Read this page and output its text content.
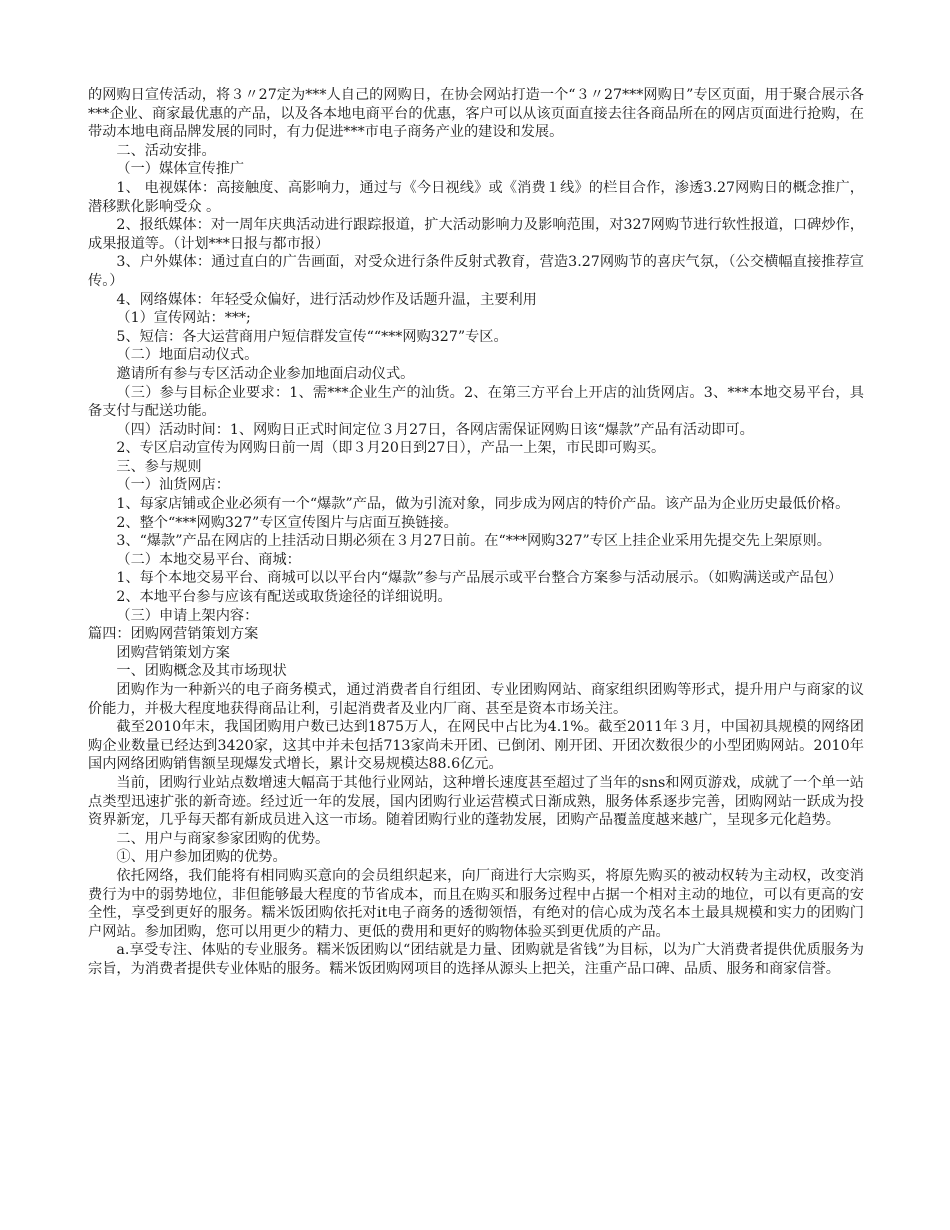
的网购日宣传活动，将３〃27定为***人自己的网购日，在协会网站打造一个“３〃27***网购日”专区页面，用于聚合展示各***企业、商家最优惠的产品，以及各本地电商平台的优惠，客户可以从该页面直接去往各商品所在的网店页面进行抢购，在带动本地电商品牌发展的同时，有力促进***市电子商务产业的建设和发展。

二、活动安排。

（一）媒体宣传推广

1、 电视媒体：高接触度、高影响力，通过与《今日视线》或《消费１线》的栏目合作，渗透3.27网购日的概念推广，潜移默化影响受众 。

2、报纸媒体：对一周年庆典活动进行跟踪报道，扩大活动影响力及影响范围，对327网购节进行软性报道，口碑炒作，成果报道等。（计划***日报与都市报）

3、户外媒体：通过直白的广告画面，对受众进行条件反射式教育，营造3.27网购节的喜庆气氛，（公交横幅直接推荐宣传。）

4、网络媒体：年轻受众偏好，进行活动炒作及话题升温，主要利用

（1）宣传网站：***;

5、短信：各大运营商用户短信群发宣传““***网购327”专区。

（二）地面启动仪式。

邀请所有参与专区活动企业参加地面启动仪式。

（三）参与目标企业要求：1、需***企业生产的汕货。2、在第三方平台上开店的汕货网店。3、***本地交易平台，具备支付与配送功能。

（四）活动时间：1、网购日正式时间定位３月27日，各网店需保证网购日该“爆款”产品有活动即可。

2、专区启动宣传为网购日前一周（即３月20日到27日），产品一上架，市民即可购买。

三、参与规则

（一）汕货网店：

1、每家店铺或企业必须有一个“爆款”产品，做为引流对象，同步成为网店的特价产品。该产品为企业历史最低价格。

2、整个“***网购327”专区宣传图片与店面互换链接。

3、“爆款”产品在网店的上挂活动日期必须在３月27日前。在“***网购327”专区上挂企业采用先提交先上架原则。

（二）本地交易平台、商城：

1、每个本地交易平台、商城可以以平台内“爆款”参与产品展示或平台整合方案参与活动展示。（如购满送或产品包）

2、本地平台参与应该有配送或取货途径的详细说明。

（三）申请上架内容：

篇四：团购网营销策划方案

团购营销策划方案

一、团购概念及其市场现状

团购作为一种新兴的电子商务模式，通过消费者自行组团、专业团购网站、商家组织团购等形式，提升用户与商家的议价能力，并极大程度地获得商品让利，引起消费者及业内厂商、甚至是资本市场关注。

截至2010年末，我国团购用户数已达到1875万人，在网民中占比为4.1%。截至2011年３月，中国初具规模的网络团购企业数量已经达到3420家，这其中并未包括713家尚未开团、已倒闭、刚开团、开团次数很少的小型团购网站。2010年国内网络团购销售额呈现爆发式增长，累计交易规模达88.6亿元。

当前，团购行业站点数增速大幅高于其他行业网站，这种增长速度甚至超过了当年的sns和网页游戏，成就了一个单一站点类型迅速扩张的新奇迹。经过近一年的发展，国内团购行业运营模式日渐成熟，服务体系逐步完善，团购网站一跃成为投资界新宠，几乎每天都有新成员进入这一市场。随着团购行业的蓬勃发展，团购产品覆盖度越来越广，呈现多元化趋势。

二、用户与商家参家团购的优势。

①、用户参加团购的优势。

依托网络，我们能将有相同购买意向的会员组织起来，向厂商进行大宗购买，将原先购买的被动权转为主动权，改变消费行为中的弱势地位，非但能够最大程度的节省成本，而且在购买和服务过程中占据一个相对主动的地位，可以有更高的安全性，享受到更好的服务。糯米饭团购依托对it电子商务的透彻领悟，有绝对的信心成为茂名本土最具规模和实力的团购门户网站。参加团购，您可以用更少的精力、更低的费用和更好的购物体验买到更优质的产品。

a.享受专注、体贴的专业服务。糯米饭团购以“团结就是力量、团购就是省钱”为目标，以为广大消费者提供优质服务为宗旨，为消费者提供专业体贴的服务。糯米饭团购网项目的选择从源头上把关，注重产品口碑、品质、服务和商家信誉。
